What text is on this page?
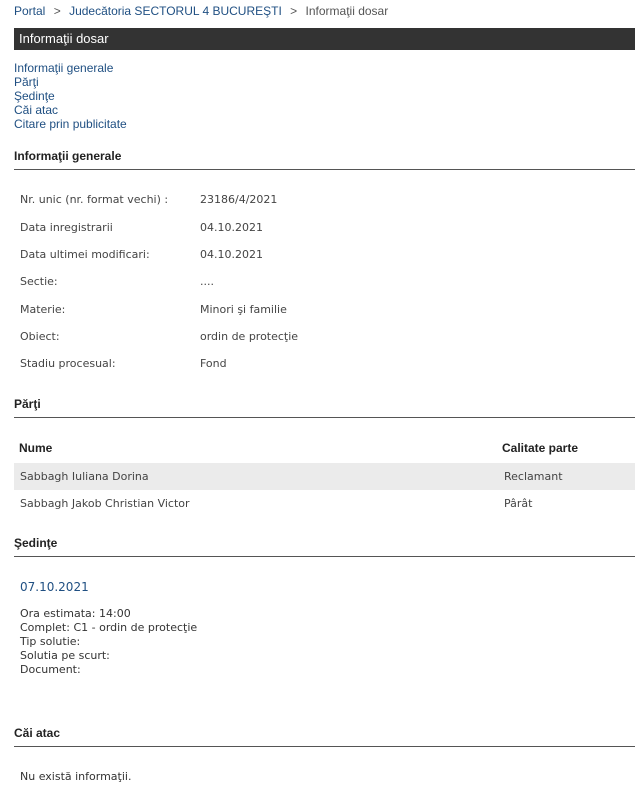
Portal > Judecătoria SECTORUL 4 BUCUREŞTI > Informaţii dosar
Informaţii dosar
Informaţii generale
Părţi
Şedinţe
Căi atac
Citare prin publicitate
Informaţii generale
Nr. unic (nr. format vechi) :	23186/4/2021
Data inregistrarii	04.10.2021
Data ultimei modificari:	04.10.2021
Sectie:	....
Materie:	Minori şi familie
Obiect:	ordin de protecţie
Stadiu procesual:	Fond
Părţi
Nume	Calitate parte
Sabbagh Iuliana Dorina	Reclamant
Sabbagh Jakob Christian Victor	Pârât
Şedinţe
07.10.2021
Ora estimata: 14:00
Complet: C1 - ordin de protecţie
Tip solutie:
Solutia pe scurt:
Document:
Căi atac
Nu există informaţii.
